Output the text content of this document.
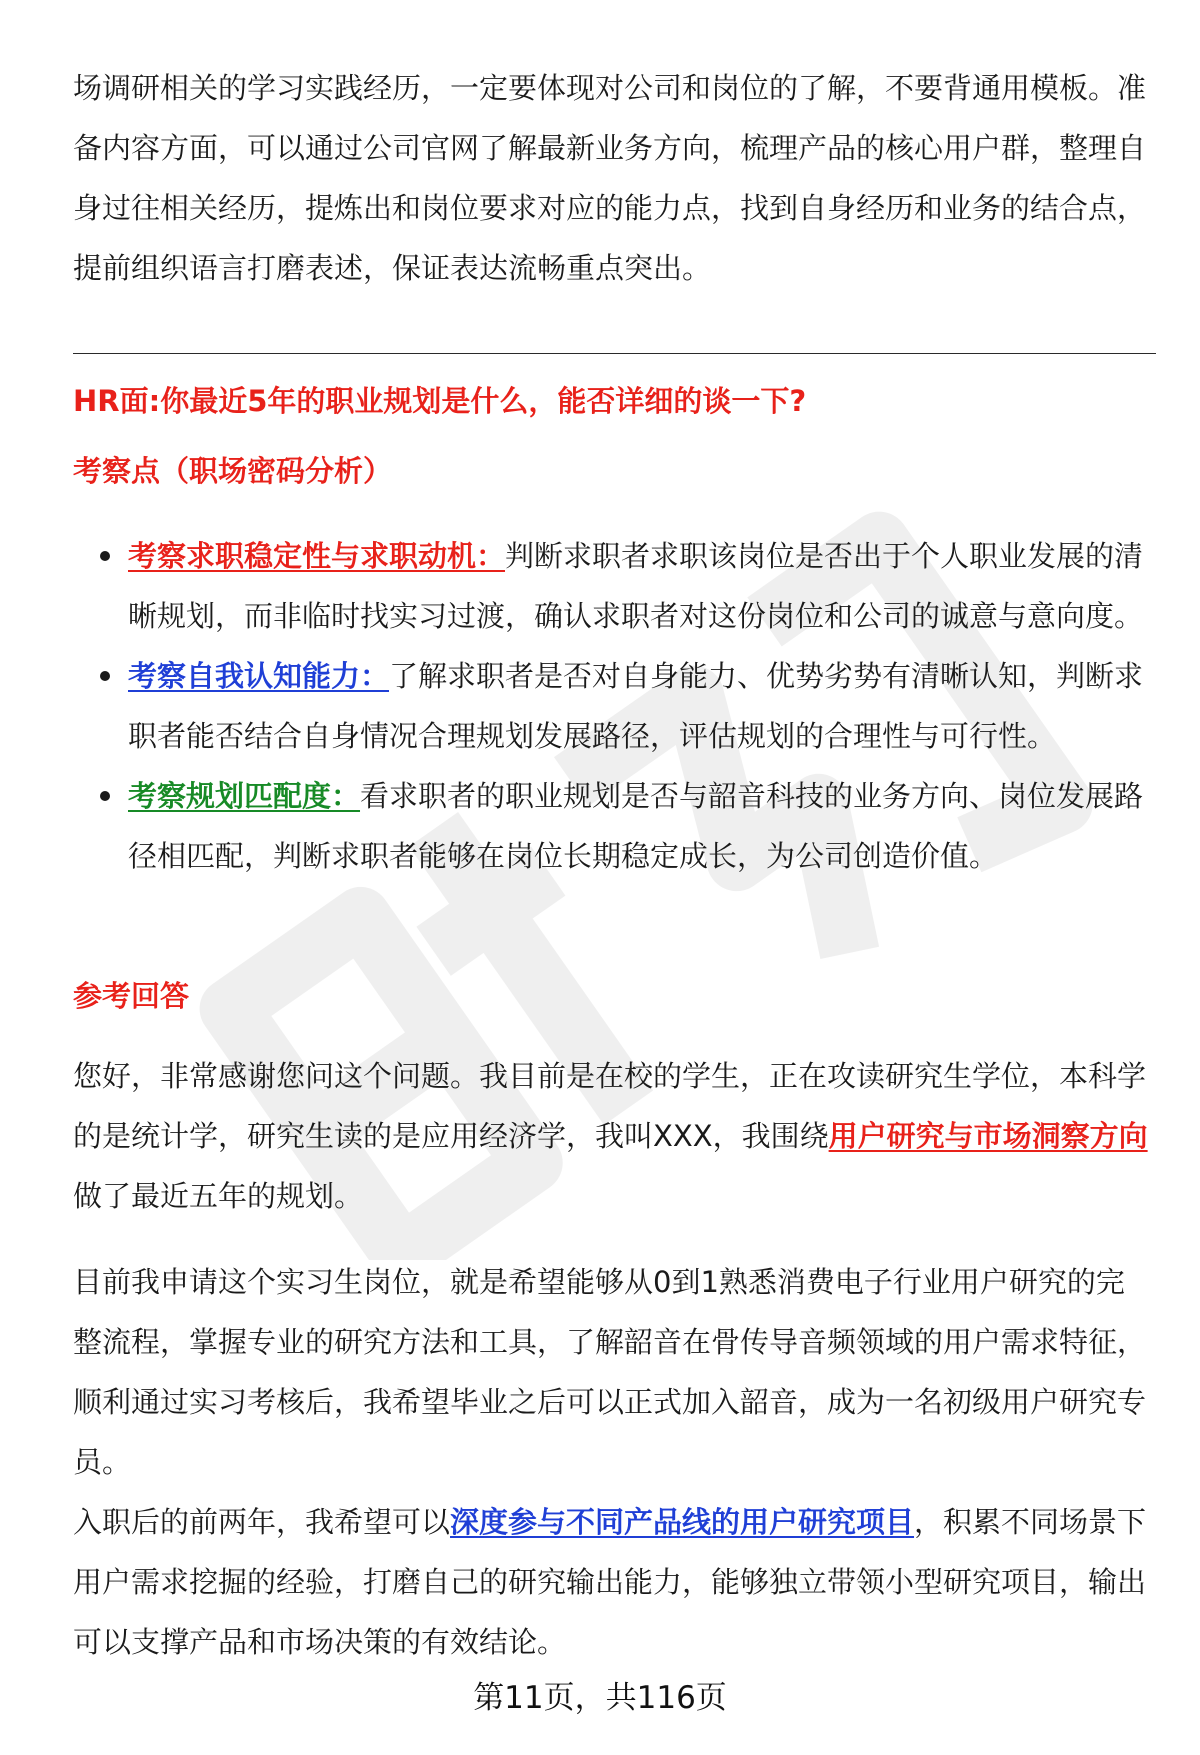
场调研相关的学习实践经历，一定要体现对公司和岗位的了解，不要背通用模板。准备内容方面，可以通过公司官网了解最新业务方向，梳理产品的核心用户群，整理自身过往相关经历，提炼出和岗位要求对应的能力点，找到自身经历和业务的结合点，提前组织语言打磨表述，保证表达流畅重点突出。

HR面:你最近5年的职业规划是什么，能否详细的谈一下?

考察点（职场密码分析）

考察求职稳定性与求职动机：判断求职者求职该岗位是否出于个人职业发展的清晰规划，而非临时找实习过渡，确认求职者对这份岗位和公司的诚意与意向度。
考察自我认知能力：了解求职者是否对自身能力、优势劣势有清晰认知，判断求职者能否结合自身情况合理规划发展路径，评估规划的合理性与可行性。
考察规划匹配度：看求职者的职业规划是否与韶音科技的业务方向、岗位发展路径相匹配，判断求职者能够在岗位长期稳定成长，为公司创造价值。

参考回答

您好，非常感谢您问这个问题。我目前是在校的学生，正在攻读研究生学位，本科学的是统计学，研究生读的是应用经济学，我叫XXX，我围绕用户研究与市场洞察方向做了最近五年的规划。

目前我申请这个实习生岗位，就是希望能够从0到1熟悉消费电子行业用户研究的完整流程，掌握专业的研究方法和工具，了解韶音在骨传导音频领域的用户需求特征，顺利通过实习考核后，我希望毕业之后可以正式加入韶音，成为一名初级用户研究专员。

入职后的前两年，我希望可以深度参与不同产品线的用户研究项目，积累不同场景下用户需求挖掘的经验，打磨自己的研究输出能力，能够独立带领小型研究项目，输出可以支撑产品和市场决策的有效结论。

第11页，共116页
